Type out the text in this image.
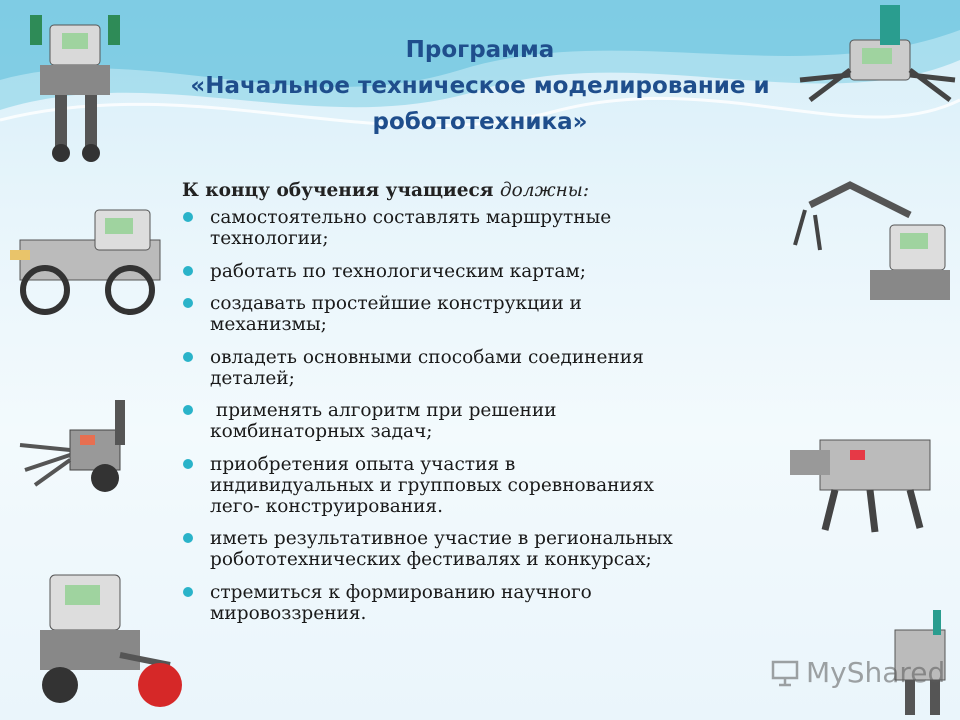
Программа
«Начальное техническое моделирование и
робототехника»
К концу обучения учащиеся должны:
самостоятельно составлять маршрутные
технологии;
работать по технологическим картам;
создавать простейшие конструкции и
механизмы;
овладеть основными способами соединения
деталей;
применять алгоритм при решении
комбинаторных задач;
приобретения опыта участия в
индивидуальных и групповых соревнованиях
лего- конструирования.
иметь результативное участие в региональных
робототехнических фестивалях и конкурсах;
стремиться к формированию научного
мировоззрения.
MyShared
